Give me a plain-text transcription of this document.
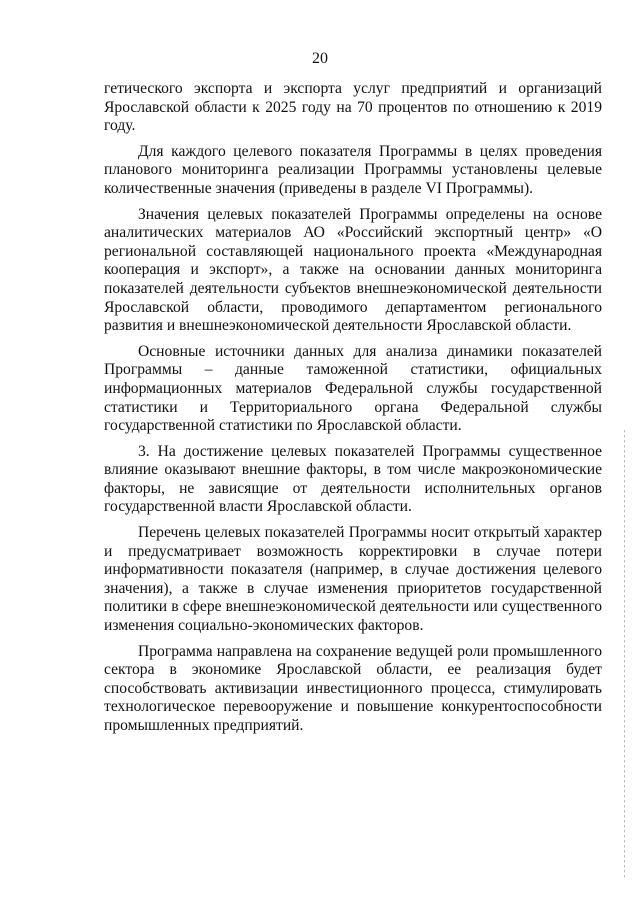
20

гетического экспорта и экспорта услуг предприятий и организаций Ярославской области к 2025 году на 70 процентов по отношению к 2019 году.

Для каждого целевого показателя Программы в целях проведения планового мониторинга реализации Программы установлены целевые количественные значения (приведены в разделе VI Программы).

Значения целевых показателей Программы определены на основе аналитических материалов АО «Российский экспортный центр» «О региональной составляющей национального проекта «Международная кооперация и экспорт», а также на основании данных мониторинга показателей деятельности субъектов внешнеэкономической деятельности Ярославской области, проводимого департаментом регионального развития и внешнеэкономической деятельности Ярославской области.

Основные источники данных для анализа динамики показателей Программы – данные таможенной статистики, официальных информационных материалов Федеральной службы государственной статистики и Территориального органа Федеральной службы государственной статистики по Ярославской области.

3. На достижение целевых показателей Программы существенное влияние оказывают внешние факторы, в том числе макроэкономические факторы, не зависящие от деятельности исполнительных органов государственной власти Ярославской области.

Перечень целевых показателей Программы носит открытый характер и предусматривает возможность корректировки в случае потери информативности показателя (например, в случае достижения целевого значения), а также в случае изменения приоритетов государственной политики в сфере внешнеэкономической деятельности или существенного изменения социально-экономических факторов.

Программа направлена на сохранение ведущей роли промышленного сектора в экономике Ярославской области, ее реализация будет способствовать активизации инвестиционного процесса, стимулировать технологическое перевооружение и повышение конкурентоспособности промышленных предприятий.
